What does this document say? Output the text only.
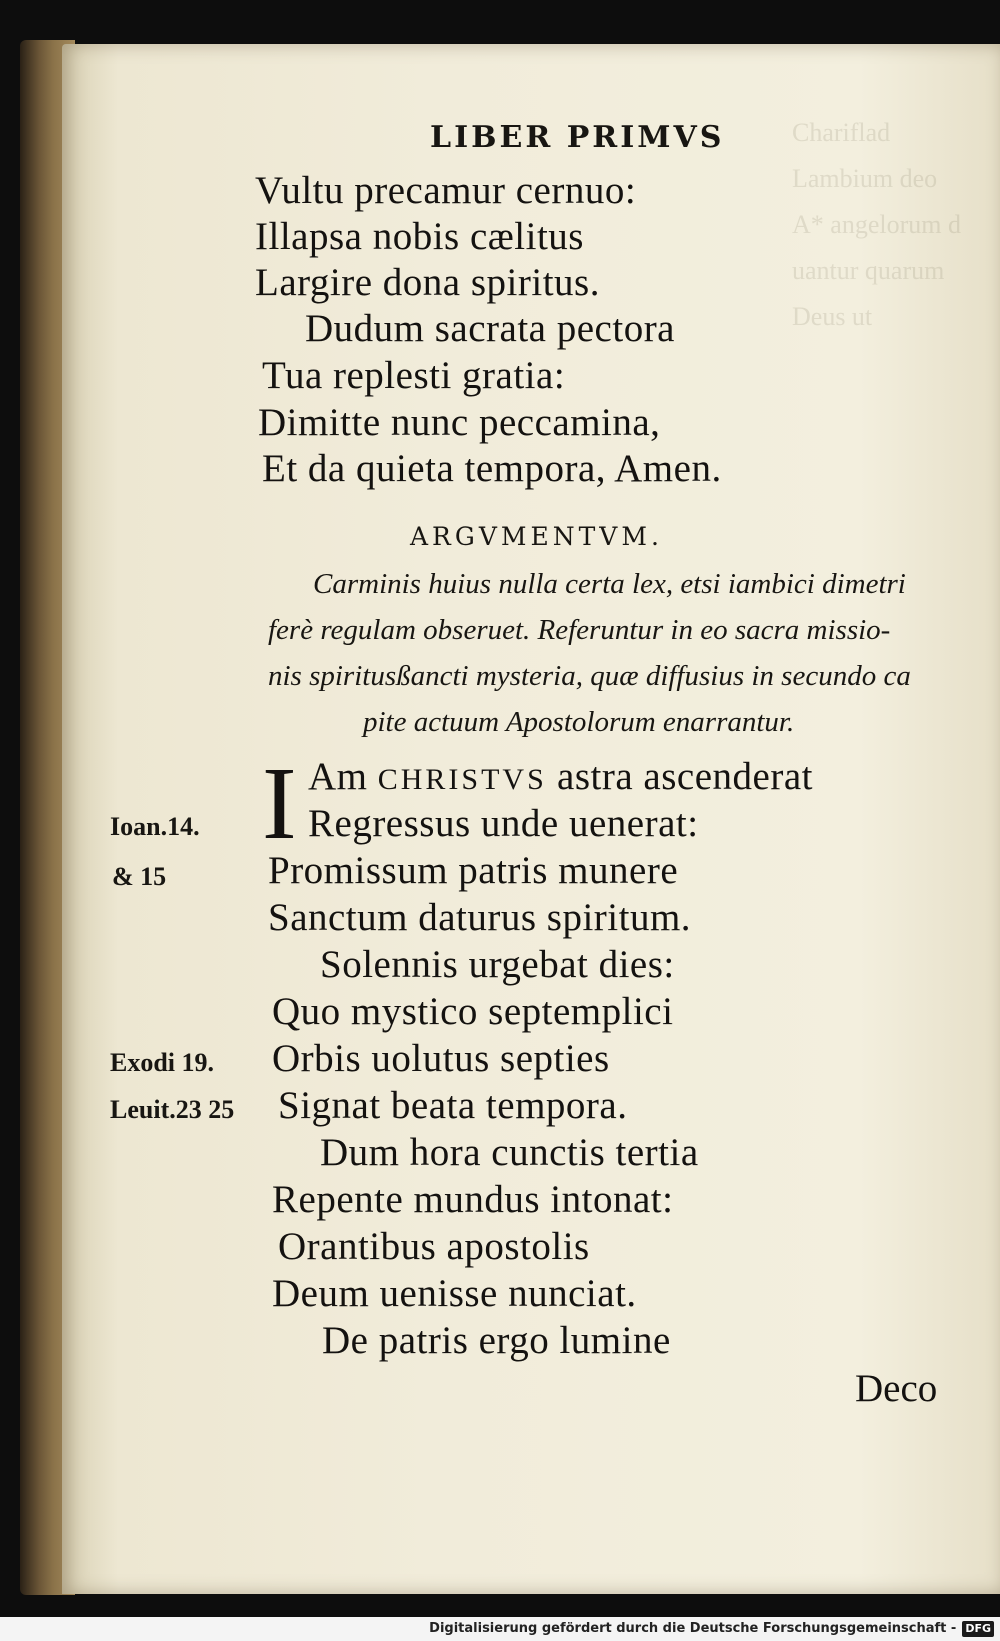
Chariflad
Lambium deo
A* angelorum d
uantur quarum
Deus ut
LIBER PRIMVS
Vultu precamur cernuo:
Illapsa nobis cælitus
Largire dona spiritus.
Dudum sacrata pectora
Tua replesti gratia:
Dimitte nunc peccamina,
Et da quieta tempora, Amen.
ARGVMENTVM.
Carminis huius nulla certa lex, etsi iambici dimetri
ferè regulam obseruet. Referuntur in eo sacra missio-
nis spiritusßancti mysteria, quæ diffusius in secundo ca
pite actuum Apostolorum enarrantur.
I Am CHRISTVS astra ascenderat
Regressus unde uenerat:
Promissum patris munere
Sanctum daturus spiritum.
Solennis urgebat dies:
Quo mystico septemplici
Orbis uolutus septies
Signat beata tempora.
Dum hora cunctis tertia
Repente mundus intonat:
Orantibus apostolis
Deum uenisse nunciat.
De patris ergo lumine
Ioan.14.
& 15
Exodi 19.
Leuit.23 25
Deco
Digitalisierung gefördert durch die Deutsche Forschungsgemeinschaft - DFG
